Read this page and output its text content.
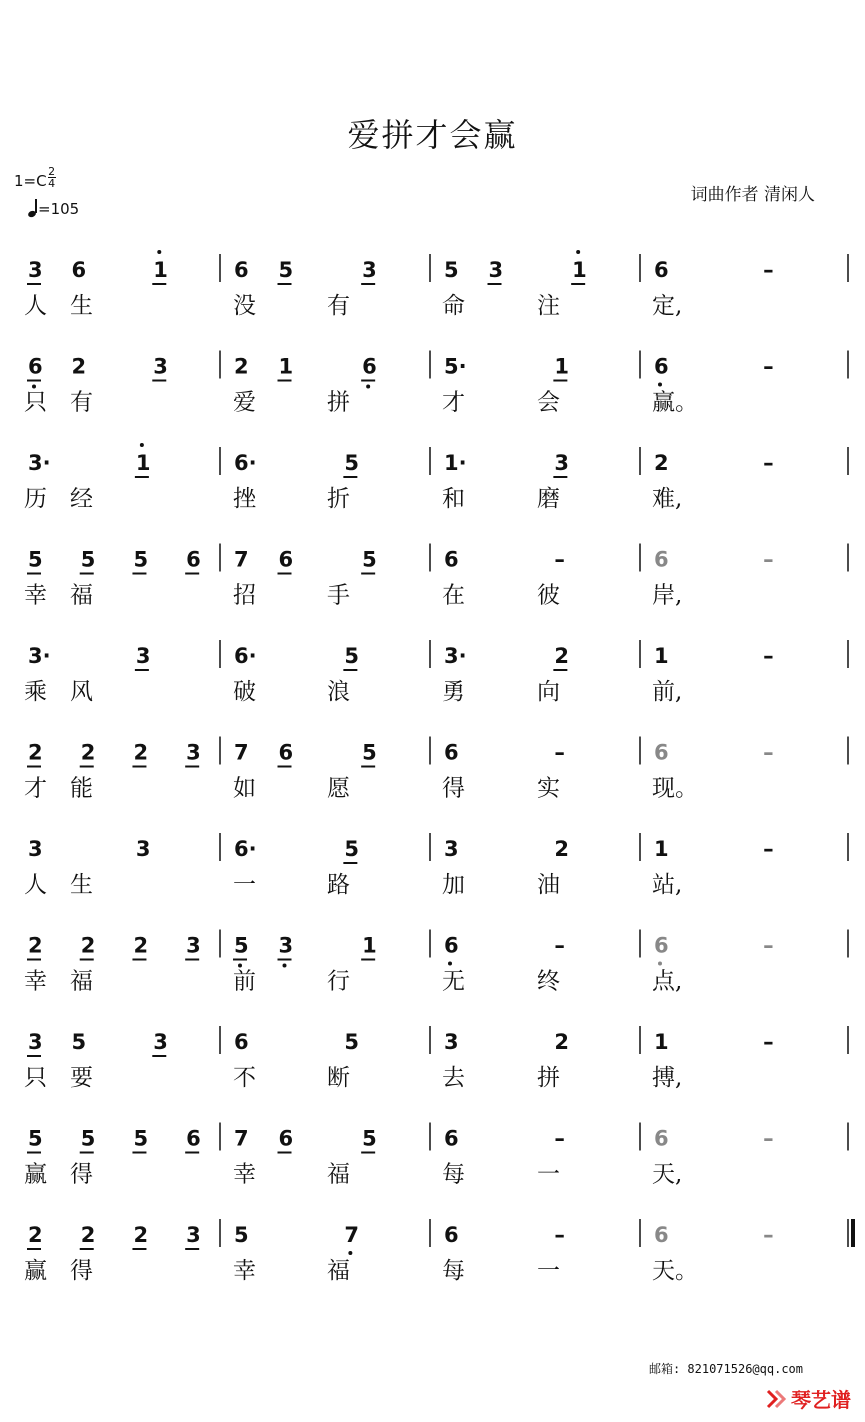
爱拼才会赢
$1=C \frac{2}{4}$
=105
词曲作者 清闲人
3 6	1	6 5	3	5 3	1	6	–
人 生	没	有	命	注	定,
6 2	3	2 1	6	5·	1	6	–
只 有	爱	拼	才	会	赢。
3·	1	6·	5	1·	3	2	–
历 经	挫	折	和	磨	难,
5 5 5 6 7 6	5	6	–	6	–
幸 福	招	手	在	彼	岸,
3·	3	6·	5	3·	2	1	–
乘 风	破	浪	勇	向	前,
2 2 2 3 7 6	5	6	–	6	–
才 能	如	愿	得	实	现。
3	3	6·	5	3	2	1	–
人 生	一	路	加	油	站,
2 2 2 3 5 3	1	6	–	6	–
幸 福	前	行	无	终	点,
3 5	3	6	5	3	2	1	–
只 要	不	断	去	拼	搏,
5 5 5 6 7 6	5	6	–	6	–
赢 得	幸	福	每	一	天,
2 2 2 3 5	7	6	–	6	–
赢 得	幸	福	每	一	天。
邮箱: 821071526@qq.com
琴艺谱
